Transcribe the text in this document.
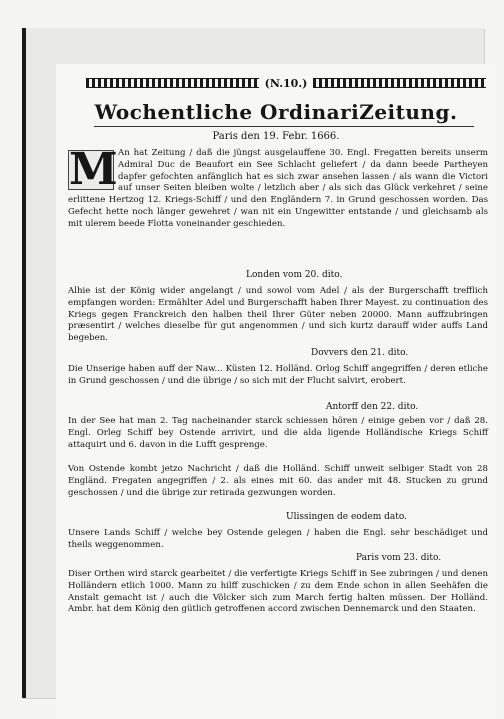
(N.10.)
Wochentliche OrdinariZeitung.
Paris den 19. Febr. 1666.

M An hat Zeitung / daß die jüngst ausgelauffene 30. Engl. Fregatten bereits unserm Admiral Duc de Beaufort ein See Schlacht geliefert / da dann beede Partheyen dapfer gefochten anfänglich hat es sich zwar ansehen lassen / als wann die Victori auf unser Seiten bleiben wolte / letzlich aber / als sich das Glück verkehret / seine erlittene Hertzog 12. Kriegs-Schiff / und den Engländern 7. in Grund geschossen worden. Das Gefecht hette noch länger gewehret / wan nit ein Ungewitter entstande / und gleichsamb als mit ulerem beede Flotta voneinander geschieden.

Londen vom 20. dito.

Alhie ist der König wider angelangt / und sowol vom Adel / als der Burgerschafft trefflich empfangen worden: Ermählter Adel und Burgerschafft haben Ihrer Mayest. zu continuation des Kriegs gegen Franckreich den halben theil Ihrer Güter neben 20000. Mann auffzubringen præsentirt / welches dieselbe für gut angenommen / und sich kurtz darauff wider auffs Land begeben.

Dovvers den 21. dito.

Die Unserige haben auff der Naw... Küsten 12. Holländ. Orlog Schiff angegriffen / deren etliche in Grund geschossen / und die übrige / so sich mit der Flucht salvirt, erobert.

Antorff den 22. dito.

In der See hat man 2. Tag nacheinander starck schiessen hören / einige geben vor / daß 28. Engl. Orleg Schiff bey Ostende arrivirt, und die alda ligende Holländische Kriegs Schiff attaquirt und 6. davon in die Lufft gesprenge.

Von Ostende kombt jetzo Nachricht / daß die Holländ. Schiff unweit selbiger Stadt von 28 Engländ. Fregaten angegriffen / 2. als eines mit 60. das ander mit 48. Stucken zu grund geschossen / und die übrige zur retirada gezwungen worden.

Ulissingen de eodem dato.

Unsere Lands Schiff / welche bey Ostende gelegen / haben die Engl. sehr beschädiget und theils weggenommen.

Paris vom 23. dito.

Diser Orthen wird starck gearbeitet / die verfertigte Kriegs Schiff in See zubringen / und denen Holländern etlich 1000. Mann zu hilff zuschicken / zu dem Ende schon in allen Seehäfen die Anstalt gemacht ist / auch die Völcker sich zum March fertig halten müssen. Der Holländ. Ambr. hat dem König den gütlich getroffenen accord zwischen Dennemarck und den Staaten.
